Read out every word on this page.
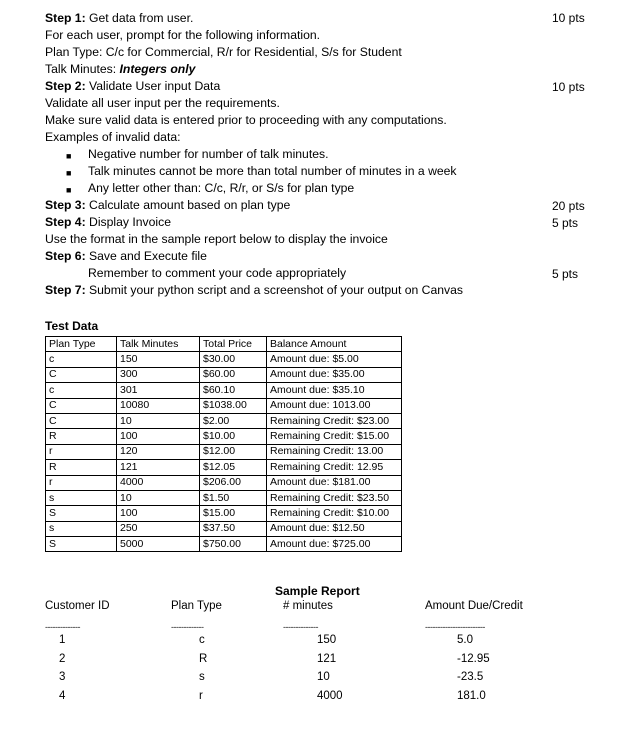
Step 1: Get data from user.	10 pts
For each user, prompt for the following information.
Plan Type: C/c for Commercial, R/r for Residential, S/s for Student
Talk Minutes: Integers only
Step 2: Validate User input Data	10 pts
Validate all user input per the requirements.
Make sure valid data is entered prior to proceeding with any computations.
Examples of invalid data:
■ Negative number for number of talk minutes.
■ Talk minutes cannot be more than total number of minutes in a week
■ Any letter other than: C/c, R/r, or S/s for plan type
Step 3: Calculate amount based on plan type	20 pts
Step 4: Display Invoice	5 pts
Use the format in the sample report below to display the invoice
Step 6: Save and Execute file
Remember to comment your code appropriately	5 pts
Step 7: Submit your python script and a screenshot of your output on Canvas
Test Data
Plan Type	Talk Minutes	Total Price	Balance Amount
c	150	$30.00	Amount due: $5.00
C	300	$60.00	Amount due: $35.00
c	301	$60.10	Amount due: $35.10
C	10080	$1038.00	Amount due: 1013.00
C	10	$2.00	Remaining Credit: $23.00
R	100	$10.00	Remaining Credit: $15.00
r	120	$12.00	Remaining Credit: 13.00
R	121	$12.05	Remaining Credit: 12.95
r	4000	$206.00	Amount due: $181.00
s	10	$1.50	Remaining Credit: $23.50
S	100	$15.00	Remaining Credit: $10.00
s	250	$37.50	Amount due: $12.50
S	5000	$750.00	Amount due: $725.00
Sample Report
Customer ID	Plan Type	# minutes	Amount Due/Credit
--------------	-------------	--------------	------------------------
1	c	150	5.0
2	R	121	-12.95
3	s	10	-23.5
4	r	4000	181.0
